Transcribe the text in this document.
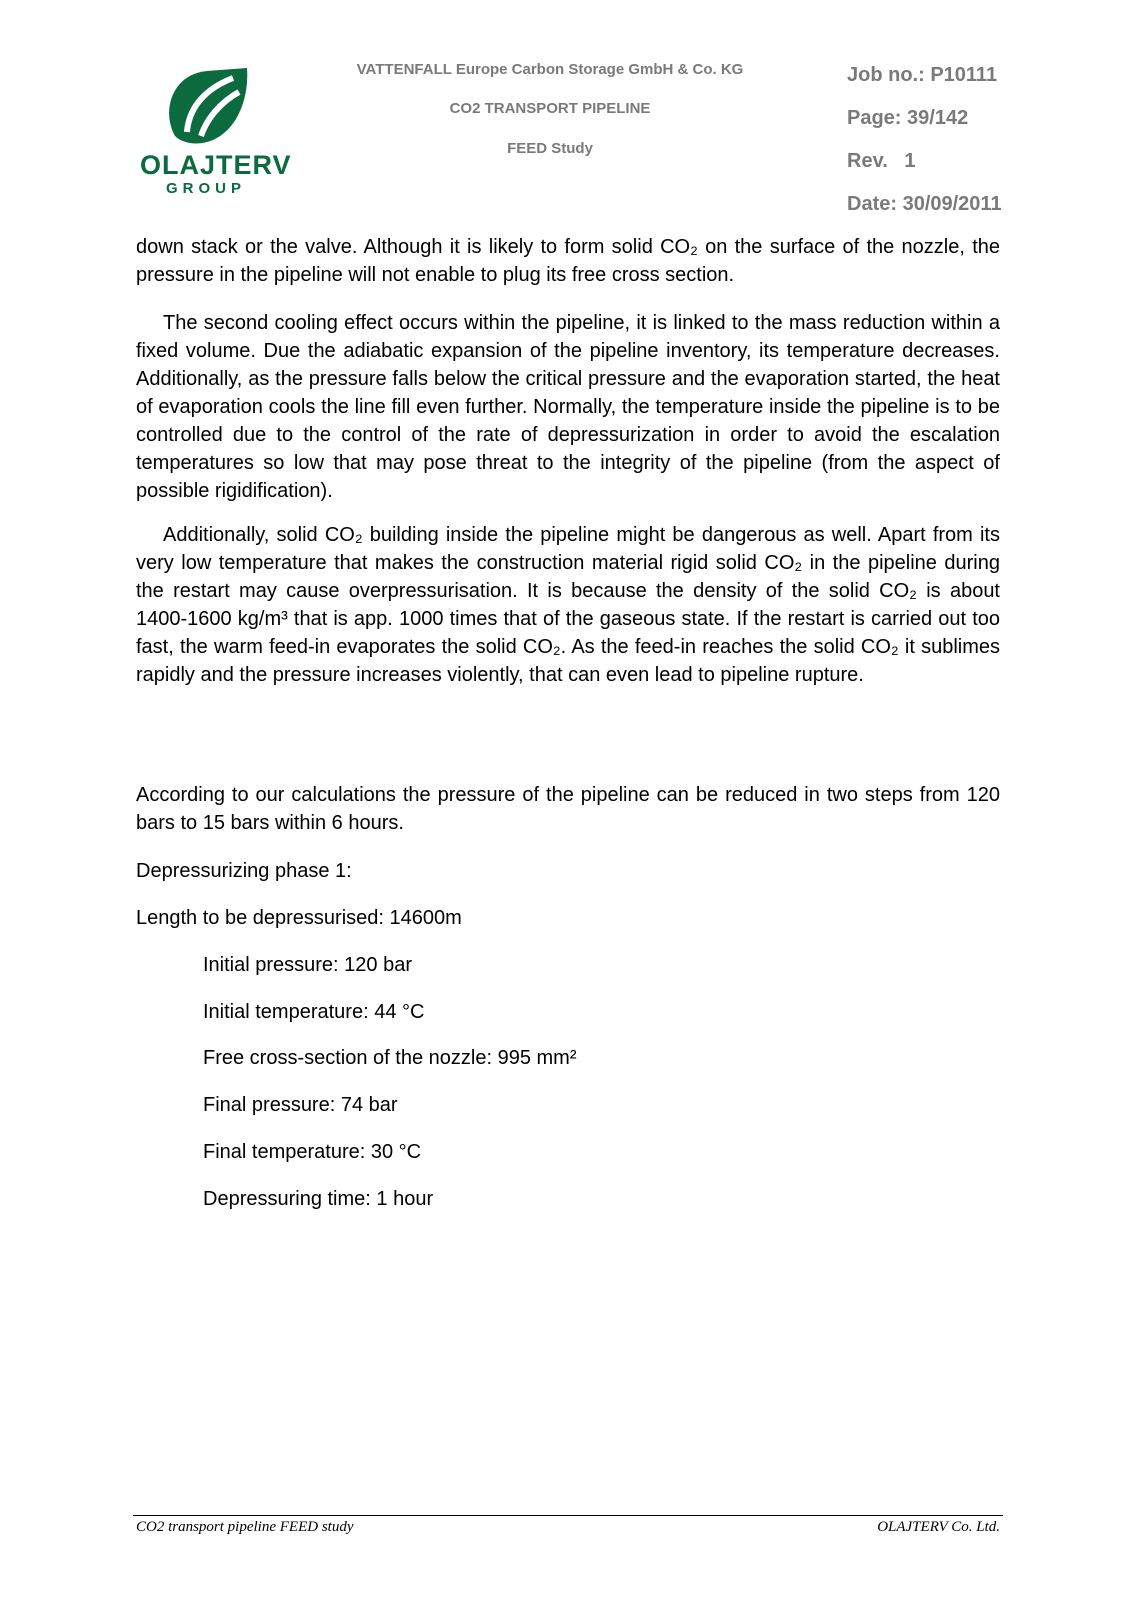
OLAJTERV
GROUP
VATTENFALL Europe Carbon Storage GmbH & Co. KG
CO2 TRANSPORT PIPELINE
FEED Study
Job no.: P10111
Page: 39/142
Rev.   1
Date: 30/09/2011

down stack or the valve. Although it is likely to form solid CO₂ on the surface of the nozzle, the pressure in the pipeline will not enable to plug its free cross section.

The second cooling effect occurs within the pipeline, it is linked to the mass reduction within a fixed volume. Due the adiabatic expansion of the pipeline inventory, its temperature decreases. Additionally, as the pressure falls below the critical pressure and the evaporation started, the heat of evaporation cools the line fill even further. Normally, the temperature inside the pipeline is to be controlled due to the control of the rate of depressurization in order to avoid the escalation temperatures so low that may pose threat to the integrity of the pipeline (from the aspect of possible rigidification).

Additionally, solid CO₂ building inside the pipeline might be dangerous as well. Apart from its very low temperature that makes the construction material rigid solid CO₂ in the pipeline during the restart may cause overpressurisation. It is because the density of the solid CO₂ is about 1400-1600 kg/m³ that is app. 1000 times that of the gaseous state. If the restart is carried out too fast, the warm feed-in evaporates the solid CO₂. As the feed-in reaches the solid CO₂ it sublimes rapidly and the pressure increases violently, that can even lead to pipeline rupture.

According to our calculations the pressure of the pipeline can be reduced in two steps from 120 bars to 15 bars within 6 hours.

Depressurizing phase 1:
Length to be depressurised: 14600m
Initial pressure: 120 bar
Initial temperature: 44 °C
Free cross-section of the nozzle: 995 mm²
Final pressure: 74 bar
Final temperature: 30 °C
Depressuring time: 1 hour
CO2 transport pipeline FEED study	OLAJTERV Co. Ltd.
